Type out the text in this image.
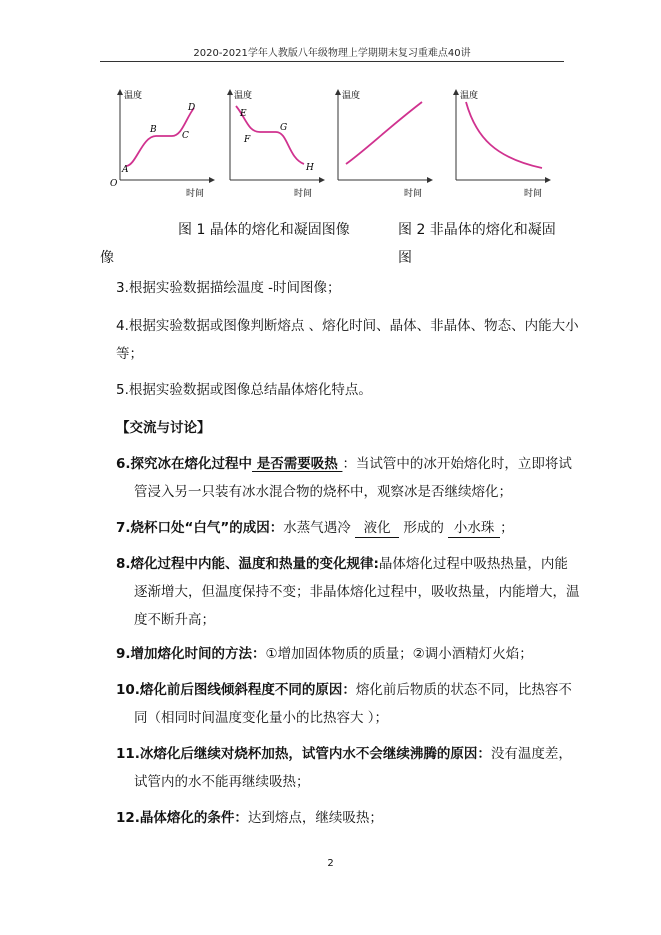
2020-2021学年人教版八年级物理上学期期末复习重难点40讲
温度
时间
O
A
B
C
D
温度
时间
E
F
G
H
温度
时间
温度
时间
图 1 晶体的熔化和凝固图像	图 2 非晶体的熔化和凝固图
像
3.根据实验数据描绘温度 -时间图像；
4.根据实验数据或图像判断熔点 、熔化时间、晶体、非晶体、物态、内能大小等；
5.根据实验数据或图像总结晶体熔化特点。
【交流与讨论】
6.探究冰在熔化过程中 是否需要吸热 ：当试管中的冰开始熔化时，立即将试管浸入另一只装有冰水混合物的烧杯中，观察冰是否继续熔化；
7.烧杯口处“白气”的成因：水蒸气遇冷 液化 形成的 小水珠 ；
8.熔化过程中内能、温度和热量的变化规律:晶体熔化过程中吸热热量，内能逐渐增大，但温度保持不变；非晶体熔化过程中，吸收热量，内能增大，温度不断升高；
9.增加熔化时间的方法：①增加固体物质的质量；②调小酒精灯火焰；
10.熔化前后图线倾斜程度不同的原因：熔化前后物质的状态不同，比热容不同（相同时间温度变化量小的比热容大 ）；
11.冰熔化后继续对烧杯加热，试管内水不会继续沸腾的原因：没有温度差，试管内的水不能再继续吸热；
12.晶体熔化的条件：达到熔点，继续吸热；
2
